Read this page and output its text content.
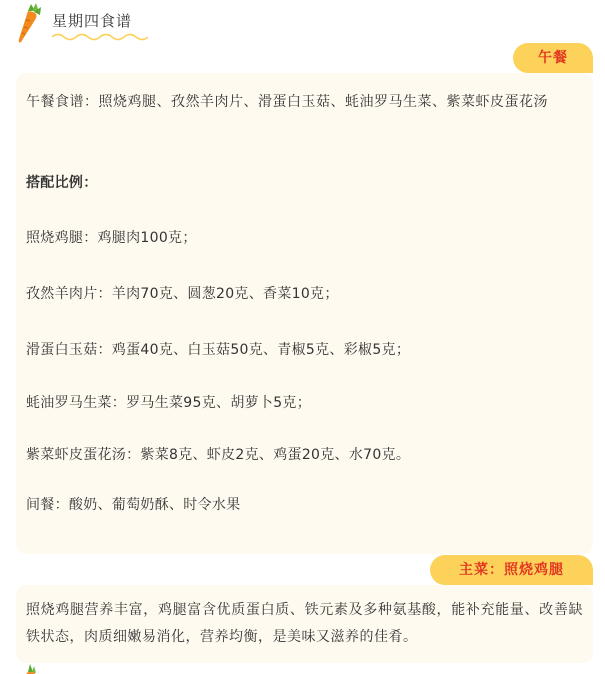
星期四食谱
午餐
午餐食谱：照烧鸡腿、孜然羊肉片、滑蛋白玉菇、蚝油罗马生菜、紫菜虾皮蛋花汤
搭配比例：
照烧鸡腿：鸡腿肉100克；
孜然羊肉片：羊肉70克、圆葱20克、香菜10克；
滑蛋白玉菇：鸡蛋40克、白玉菇50克、青椒5克、彩椒5克；
蚝油罗马生菜：罗马生菜95克、胡萝卜5克；
紫菜虾皮蛋花汤：紫菜8克、虾皮2克、鸡蛋20克、水70克。
间餐：酸奶、葡萄奶酥、时令水果
主菜：照烧鸡腿
照烧鸡腿营养丰富，鸡腿富含优质蛋白质、铁元素及多种氨基酸，能补充能量、改善缺铁状态，肉质细嫩易消化，营养均衡，是美味又滋养的佳肴。
